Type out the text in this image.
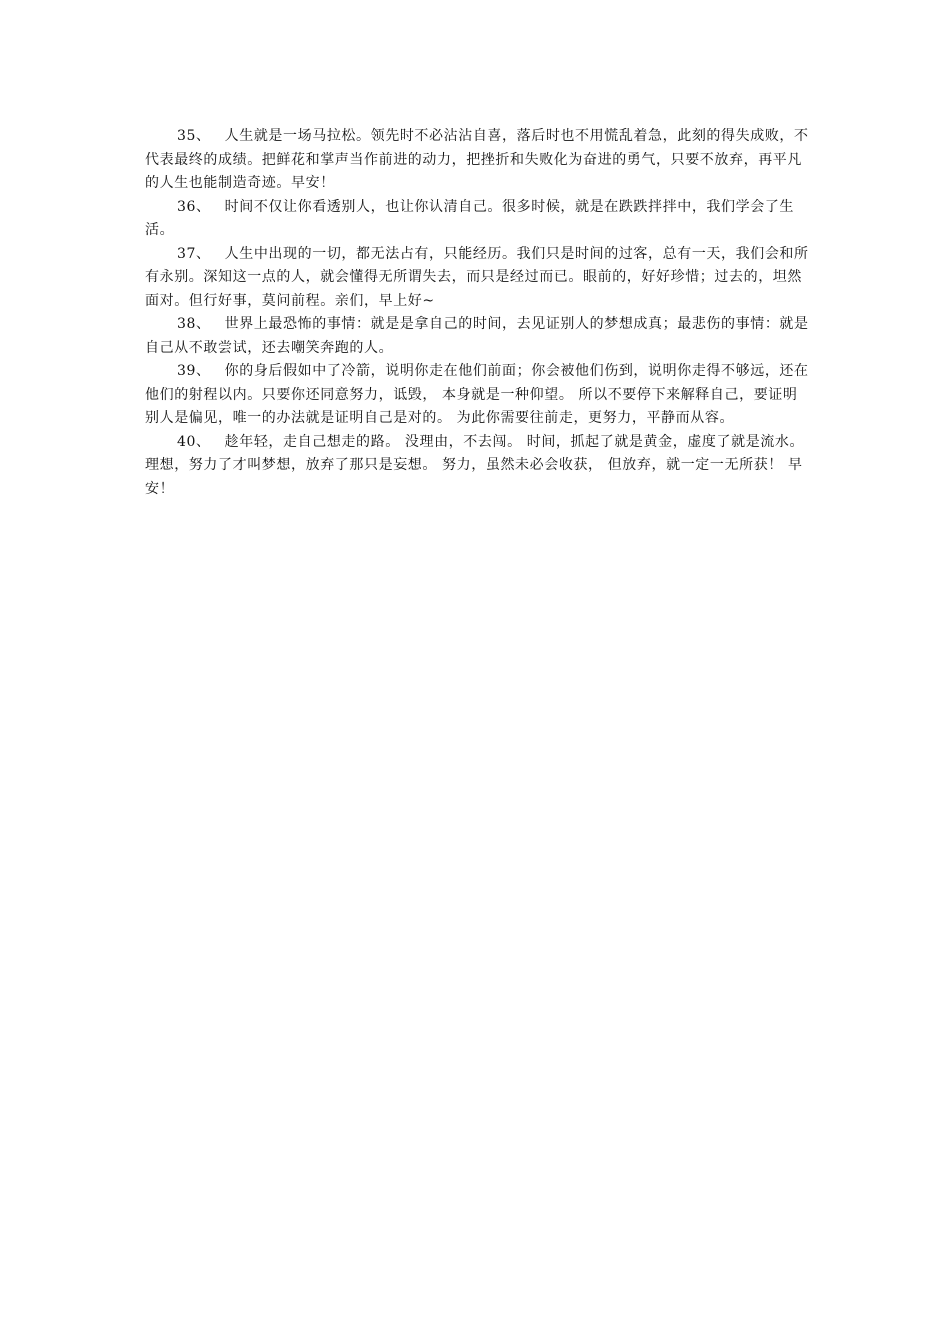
35、 人生就是一场马拉松。领先时不必沾沾自喜，落后时也不用慌乱着急，此刻的得失成败，不代表最终的成绩。把鲜花和掌声当作前进的动力，把挫折和失败化为奋进的勇气，只要不放弃，再平凡的人生也能制造奇迹。早安！

36、 时间不仅让你看透别人，也让你认清自己。很多时候，就是在跌跌拌拌中，我们学会了生活。

37、 人生中出现的一切，都无法占有，只能经历。我们只是时间的过客，总有一天，我们会和所有永别。深知这一点的人，就会懂得无所谓失去，而只是经过而已。眼前的，好好珍惜；过去的，坦然面对。但行好事，莫问前程。亲们，早上好~

38、 世界上最恐怖的事情：就是是拿自己的时间，去见证别人的梦想成真；最悲伤的事情：就是自己从不敢尝试，还去嘲笑奔跑的人。

39、 你的身后假如中了冷箭，说明你走在他们前面；你会被他们伤到，说明你走得不够远，还在他们的射程以内。只要你还同意努力，诋毁， 本身就是一种仰望。 所以不要停下来解释自己，要证明别人是偏见，唯一的办法就是证明自己是对的。 为此你需要往前走，更努力，平静而从容。

40、 趁年轻，走自己想走的路。 没理由，不去闯。 时间，抓起了就是黄金，虚度了就是流水。 理想，努力了才叫梦想，放弃了那只是妄想。 努力，虽然未必会收获， 但放弃，就一定一无所获！ 早安！
